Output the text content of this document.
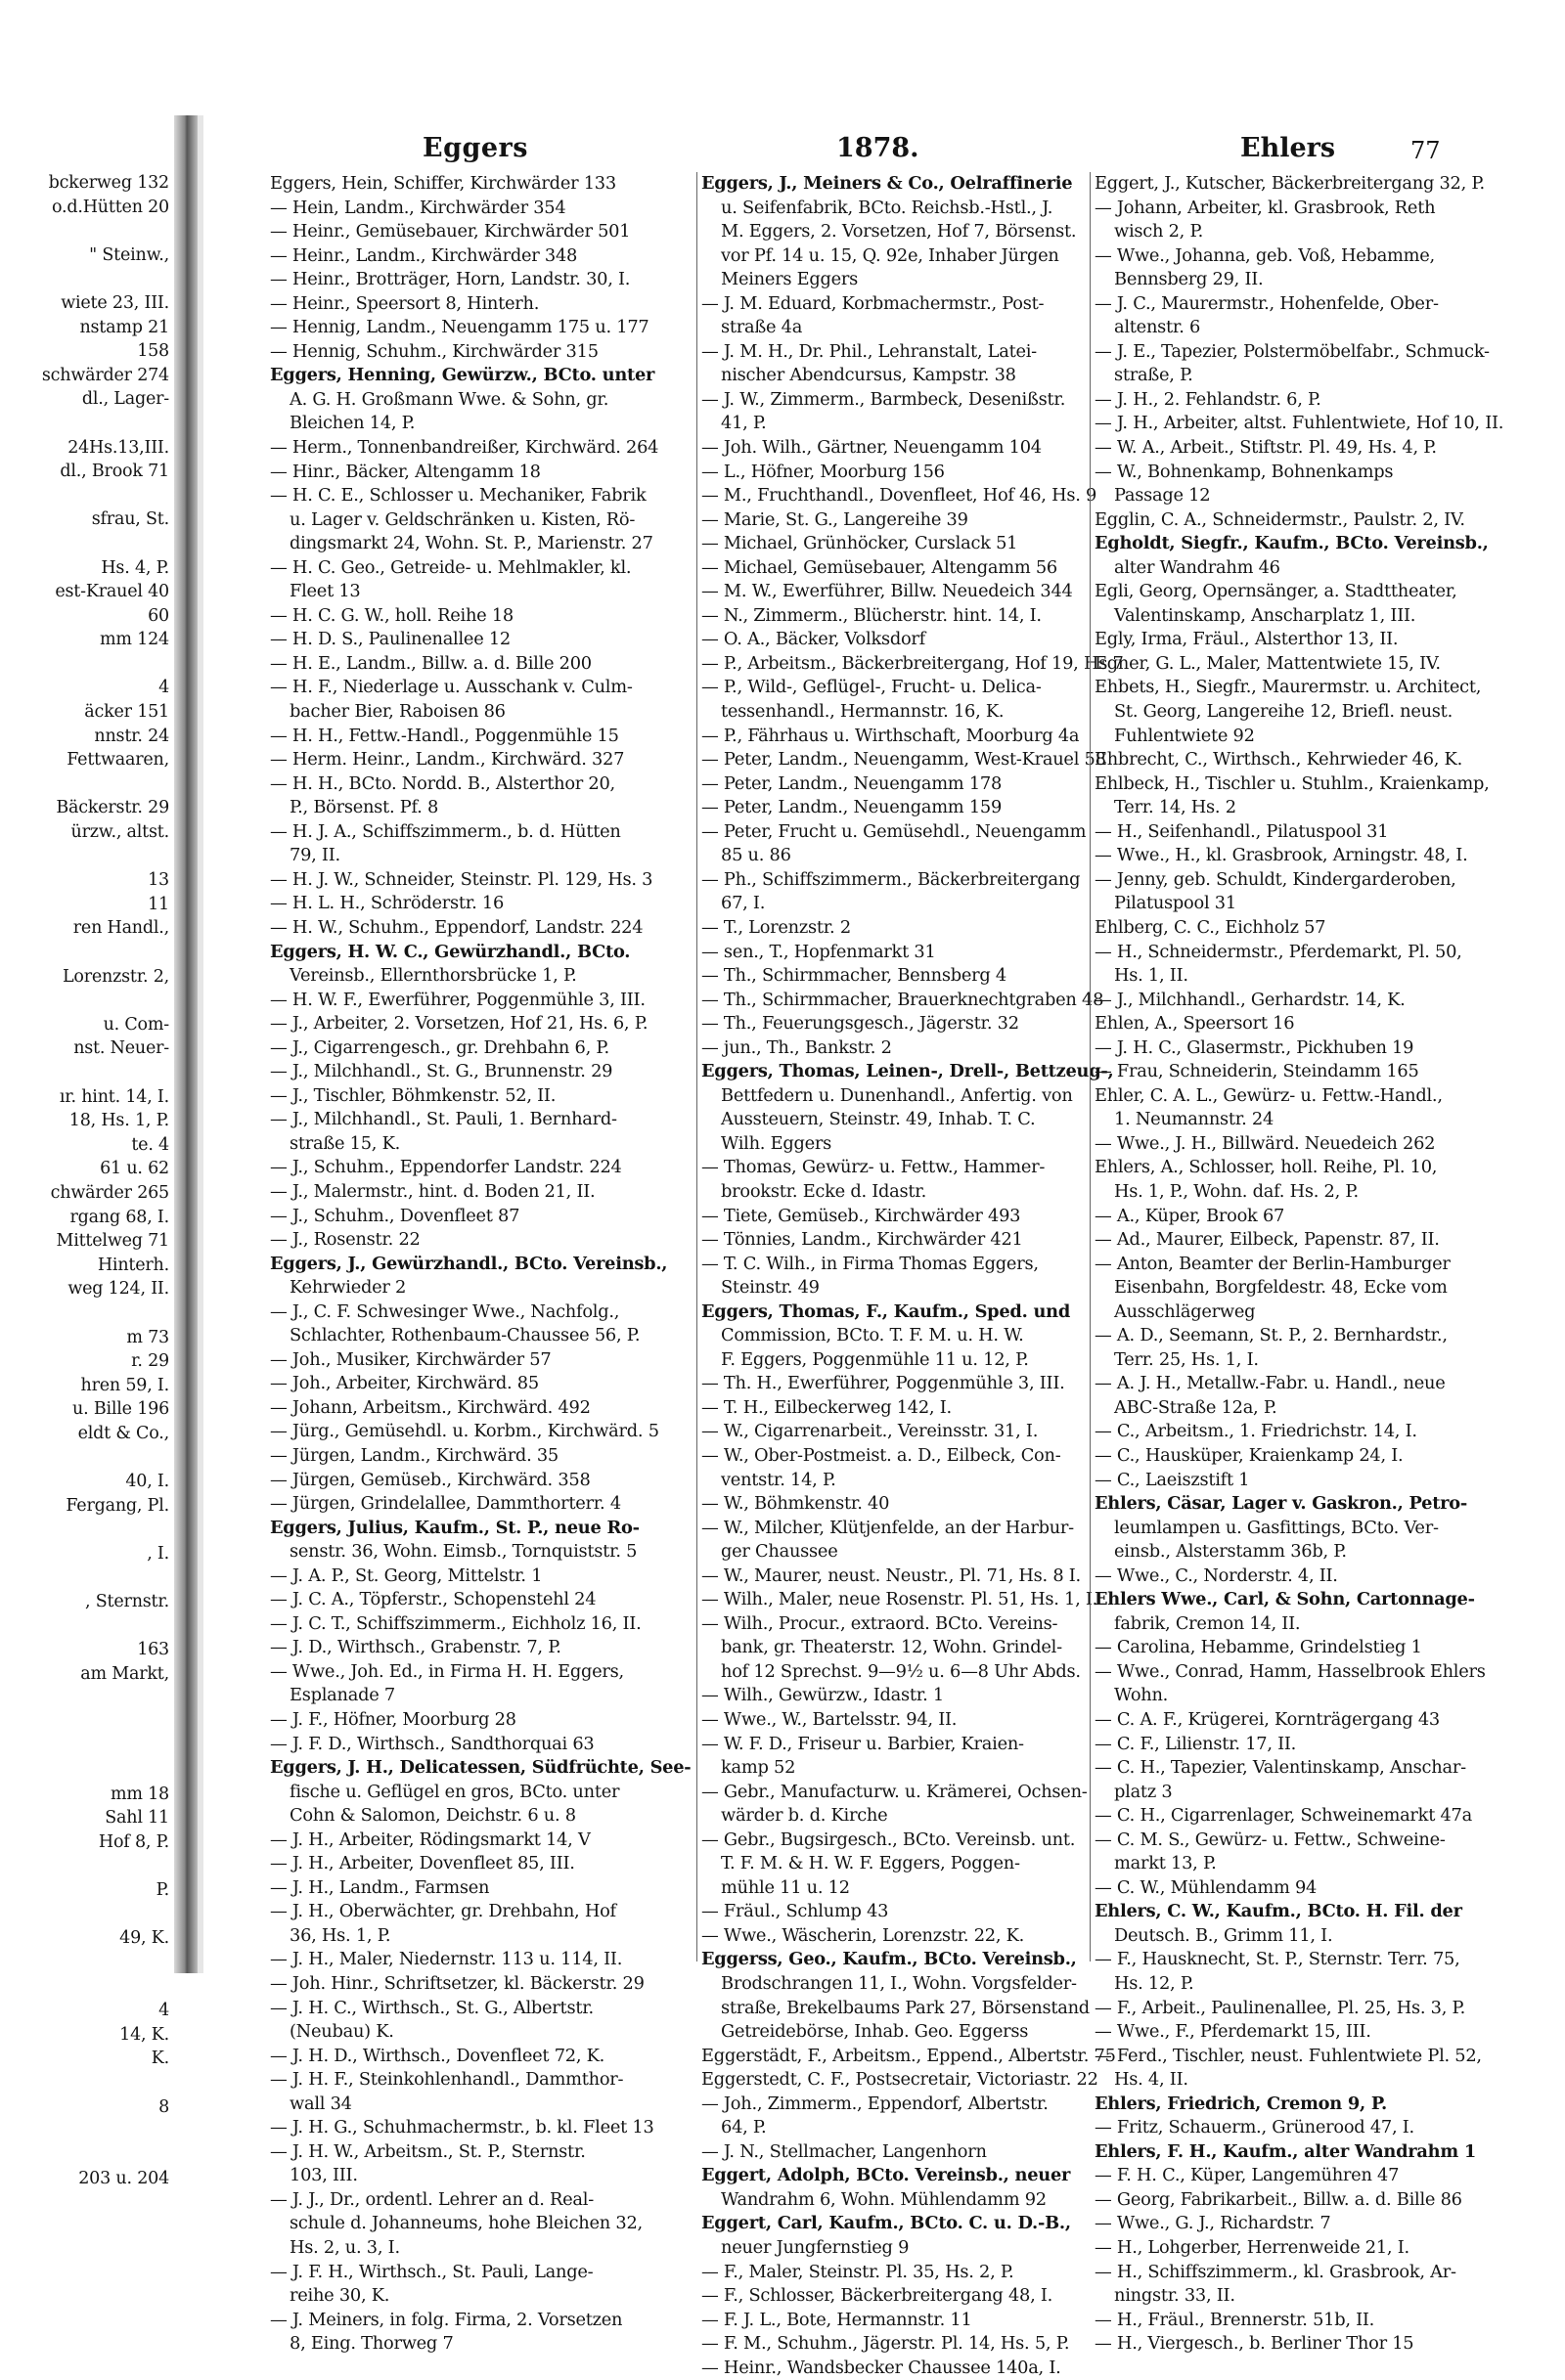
bckerweg 132
o.d.Hütten 20

" Steinw.,

wiete 23, III.
nstamp 21
158
schwärder 274
dl., Lager-

24Hs.13,III.
dl., Brook 71

sfrau, St.

Hs. 4, P.
est-Krauel 40
60
mm 124

4
äcker 151
nnstr. 24
Fettwaaren,

Bäckerstr. 29
ürzw., altst.

13
11
ren Handl.,

Lorenzstr. 2,

u. Com-
nst. Neuer-

ır. hint. 14, I.
18, Hs. 1, P.
te. 4
61 u. 62
chwärder 265
rgang 68, I.
Mittelweg 71
Hinterh.
weg 124, II.

m 73
r. 29
hren 59, I.
u. Bille 196
eldt & Co.,

40, I.
Fergang, Pl.

, I.

, Sternstr.

163
am Markt,

mm 18
Sahl 11
Hof 8, P.

P.

49, K.

4
14, K.
K.

8

203 u. 204
Eggers	1878.	Ehlers	77
Eggers, Hein, Schiffer, Kirchwärder 133
— Hein, Landm., Kirchwärder 354
— Heinr., Gemüsebauer, Kirchwärder 501
— Heinr., Landm., Kirchwärder 348
— Heinr., Brotträger, Horn, Landstr. 30, I.
— Heinr., Speersort 8, Hinterh.
— Hennig, Landm., Neuengamm 175 u. 177
— Hennig, Schuhm., Kirchwärder 315
Eggers, Henning, Gewürzw., BCto. unter
A. G. H. Großmann Wwe. & Sohn, gr.
Bleichen 14, P.
— Herm., Tonnenbandreißer, Kirchwärd. 264
— Hinr., Bäcker, Altengamm 18
— H. C. E., Schlosser u. Mechaniker, Fabrik
u. Lager v. Geldschränken u. Kisten, Rö-
dingsmarkt 24, Wohn. St. P., Marienstr. 27
— H. C. Geo., Getreide- u. Mehlmakler, kl.
Fleet 13
— H. C. G. W., holl. Reihe 18
— H. D. S., Paulinenallee 12
— H. E., Landm., Billw. a. d. Bille 200
— H. F., Niederlage u. Ausschank v. Culm-
bacher Bier, Raboisen 86
— H. H., Fettw.-Handl., Poggenmühle 15
— Herm. Heinr., Landm., Kirchwärd. 327
— H. H., BCto. Nordd. B., Alsterthor 20,
P., Börsenst. Pf. 8
— H. J. A., Schiffszimmerm., b. d. Hütten
79, II.
— H. J. W., Schneider, Steinstr. Pl. 129, Hs. 3
— H. L. H., Schröderstr. 16
— H. W., Schuhm., Eppendorf, Landstr. 224
Eggers, H. W. C., Gewürzhandl., BCto.
Vereinsb., Ellernthorsbrücke 1, P.
— H. W. F., Ewerführer, Poggenmühle 3, III.
— J., Arbeiter, 2. Vorsetzen, Hof 21, Hs. 6, P.
— J., Cigarrengesch., gr. Drehbahn 6, P.
— J., Milchhandl., St. G., Brunnenstr. 29
— J., Tischler, Böhmkenstr. 52, II.
— J., Milchhandl., St. Pauli, 1. Bernhard-
straße 15, K.
— J., Schuhm., Eppendorfer Landstr. 224
— J., Malermstr., hint. d. Boden 21, II.
— J., Schuhm., Dovenfleet 87
— J., Rosenstr. 22
Eggers, J., Gewürzhandl., BCto. Vereinsb.,
Kehrwieder 2
— J., C. F. Schwesinger Wwe., Nachfolg.,
Schlachter, Rothenbaum-Chaussee 56, P.
— Joh., Musiker, Kirchwärder 57
— Joh., Arbeiter, Kirchwärd. 85
— Johann, Arbeitsm., Kirchwärd. 492
— Jürg., Gemüsehdl. u. Korbm., Kirchwärd. 5
— Jürgen, Landm., Kirchwärd. 35
— Jürgen, Gemüseb., Kirchwärd. 358
— Jürgen, Grindelallee, Dammthorterr. 4
Eggers, Julius, Kaufm., St. P., neue Ro-
senstr. 36, Wohn. Eimsb., Tornquiststr. 5
— J. A. P., St. Georg, Mittelstr. 1
— J. C. A., Töpferstr., Schopenstehl 24
— J. C. T., Schiffszimmerm., Eichholz 16, II.
— J. D., Wirthsch., Grabenstr. 7, P.
— Wwe., Joh. Ed., in Firma H. H. Eggers,
Esplanade 7
— J. F., Höfner, Moorburg 28
— J. F. D., Wirthsch., Sandthorquai 63
Eggers, J. H., Delicatessen, Südfrüchte, See-
fische u. Geflügel en gros, BCto. unter
Cohn & Salomon, Deichstr. 6 u. 8
— J. H., Arbeiter, Rödingsmarkt 14, V
— J. H., Arbeiter, Dovenfleet 85, III.
— J. H., Landm., Farmsen
— J. H., Oberwächter, gr. Drehbahn, Hof
36, Hs. 1, P.
— J. H., Maler, Niedernstr. 113 u. 114, II.
— Joh. Hinr., Schriftsetzer, kl. Bäckerstr. 29
— J. H. C., Wirthsch., St. G., Albertstr.
(Neubau) K.
— J. H. D., Wirthsch., Dovenfleet 72, K.
— J. H. F., Steinkohlenhandl., Dammthor-
wall 34
— J. H. G., Schuhmachermstr., b. kl. Fleet 13
— J. H. W., Arbeitsm., St. P., Sternstr.
103, III.
— J. J., Dr., ordentl. Lehrer an d. Real-
schule d. Johanneums, hohe Bleichen 32,
Hs. 2, u. 3, I.
— J. F. H., Wirthsch., St. Pauli, Lange-
reihe 30, K.
— J. Meiners, in folg. Firma, 2. Vorsetzen
8, Eing. Thorweg 7
Eggers, J., Meiners & Co., Oelraffinerie
u. Seifenfabrik, BCto. Reichsb.-Hstl., J.
M. Eggers, 2. Vorsetzen, Hof 7, Börsenst.
vor Pf. 14 u. 15, Q. 92e, Inhaber Jürgen
Meiners Eggers
— J. M. Eduard, Korbmachermstr., Post-
straße 4a
— J. M. H., Dr. Phil., Lehranstalt, Latei-
nischer Abendcursus, Kampstr. 38
— J. W., Zimmerm., Barmbeck, Desenißstr.
41, P.
— Joh. Wilh., Gärtner, Neuengamm 104
— L., Höfner, Moorburg 156
— M., Fruchthandl., Dovenfleet, Hof 46, Hs. 9
— Marie, St. G., Langereihe 39
— Michael, Grünhöcker, Curslack 51
— Michael, Gemüsebauer, Altengamm 56
— M. W., Ewerführer, Billw. Neuedeich 344
— N., Zimmerm., Blücherstr. hint. 14, I.
— O. A., Bäcker, Volksdorf
— P., Arbeitsm., Bäckerbreitergang, Hof 19, Hs 7
— P., Wild-, Geflügel-, Frucht- u. Delica-
tessenhandl., Hermannstr. 16, K.
— P., Fährhaus u. Wirthschaft, Moorburg 4a
— Peter, Landm., Neuengamm, West-Krauel 58
— Peter, Landm., Neuengamm 178
— Peter, Landm., Neuengamm 159
— Peter, Frucht u. Gemüsehdl., Neuengamm
85 u. 86
— Ph., Schiffszimmerm., Bäckerbreitergang
67, I.
— T., Lorenzstr. 2
— sen., T., Hopfenmarkt 31
— Th., Schirmmacher, Bennsberg 4
— Th., Schirmmacher, Brauerknechtgraben 48
— Th., Feuerungsgesch., Jägerstr. 32
— jun., Th., Bankstr. 2
Eggers, Thomas, Leinen-, Drell-, Bettzeug-,
Bettfedern u. Dunenhandl., Anfertig. von
Aussteuern, Steinstr. 49, Inhab. T. C.
Wilh. Eggers
— Thomas, Gewürz- u. Fettw., Hammer-
brookstr. Ecke d. Idastr.
— Tiete, Gemüseb., Kirchwärder 493
— Tönnies, Landm., Kirchwärder 421
— T. C. Wilh., in Firma Thomas Eggers,
Steinstr. 49
Eggers, Thomas, F., Kaufm., Sped. und
Commission, BCto. T. F. M. u. H. W.
F. Eggers, Poggenmühle 11 u. 12, P.
— Th. H., Ewerführer, Poggenmühle 3, III.
— T. H., Eilbeckerweg 142, I.
— W., Cigarrenarbeit., Vereinsstr. 31, I.
— W., Ober-Postmeist. a. D., Eilbeck, Con-
ventstr. 14, P.
— W., Böhmkenstr. 40
— W., Milcher, Klütjenfelde, an der Harbur-
ger Chaussee
— W., Maurer, neust. Neustr., Pl. 71, Hs. 8 I.
— Wilh., Maler, neue Rosenstr. Pl. 51, Hs. 1, I.
— Wilh., Procur., extraord. BCto. Vereins-
bank, gr. Theaterstr. 12, Wohn. Grindel-
hof 12 Sprechst. 9—9½ u. 6—8 Uhr Abds.
— Wilh., Gewürzw., Idastr. 1
— Wwe., W., Bartelsstr. 94, II.
— W. F. D., Friseur u. Barbier, Kraien-
kamp 52
— Gebr., Manufacturw. u. Krämerei, Ochsen-
wärder b. d. Kirche
— Gebr., Bugsirgesch., BCto. Vereinsb. unt.
T. F. M. & H. W. F. Eggers, Poggen-
mühle 11 u. 12
— Fräul., Schlump 43
— Wwe., Wäscherin, Lorenzstr. 22, K.
Eggerss, Geo., Kaufm., BCto. Vereinsb.,
Brodschrangen 11, I., Wohn. Vorgsfelder-
straße, Brekelbaums Park 27, Börsenstand
Getreidebörse, Inhab. Geo. Eggerss
Eggerstädt, F., Arbeitsm., Eppend., Albertstr. 75
Eggerstedt, C. F., Postsecretair, Victoriastr. 22
— Joh., Zimmerm., Eppendorf, Albertstr.
64, P.
— J. N., Stellmacher, Langenhorn
Eggert, Adolph, BCto. Vereinsb., neuer
Wandrahm 6, Wohn. Mühlendamm 92
Eggert, Carl, Kaufm., BCto. C. u. D.-B.,
neuer Jungfernstieg 9
— F., Maler, Steinstr. Pl. 35, Hs. 2, P.
— F., Schlosser, Bäckerbreitergang 48, I.
— F. J. L., Bote, Hermannstr. 11
— F. M., Schuhm., Jägerstr. Pl. 14, Hs. 5, P.
— Heinr., Wandsbecker Chaussee 140a, I.
Eggert, J., Kutscher, Bäckerbreitergang 32, P.
— Johann, Arbeiter, kl. Grasbrook, Reth
wisch 2, P.
— Wwe., Johanna, geb. Voß, Hebamme,
Bennsberg 29, II.
— J. C., Maurermstr., Hohenfelde, Ober-
altenstr. 6
— J. E., Tapezier, Polstermöbelfabr., Schmuck-
straße, P.
— J. H., 2. Fehlandstr. 6, P.
— J. H., Arbeiter, altst. Fuhlentwiete, Hof 10, II.
— W. A., Arbeit., Stiftstr. Pl. 49, Hs. 4, P.
— W., Bohnenkamp, Bohnenkamps
Passage 12
Egglin, C. A., Schneidermstr., Paulstr. 2, IV.
Egholdt, Siegfr., Kaufm., BCto. Vereinsb.,
alter Wandrahm 46
Egli, Georg, Opernsänger, a. Stadttheater,
Valentinskamp, Anscharplatz 1, III.
Egly, Irma, Fräul., Alsterthor 13, II.
Egner, G. L., Maler, Mattentwiete 15, IV.
Ehbets, H., Siegfr., Maurermstr. u. Architect,
St. Georg, Langereihe 12, Briefl. neust.
Fuhlentwiete 92
Ehbrecht, C., Wirthsch., Kehrwieder 46, K.
Ehlbeck, H., Tischler u. Stuhlm., Kraienkamp,
Terr. 14, Hs. 2
— H., Seifenhandl., Pilatuspool 31
— Wwe., H., kl. Grasbrook, Arningstr. 48, I.
— Jenny, geb. Schuldt, Kindergarderoben,
Pilatuspool 31
Ehlberg, C. C., Eichholz 57
— H., Schneidermstr., Pferdemarkt, Pl. 50,
Hs. 1, II.
— J., Milchhandl., Gerhardstr. 14, K.
Ehlen, A., Speersort 16
— J. H. C., Glasermstr., Pickhuben 19
— Frau, Schneiderin, Steindamm 165
Ehler, C. A. L., Gewürz- u. Fettw.-Handl.,
1. Neumannstr. 24
— Wwe., J. H., Billwärd. Neuedeich 262
Ehlers, A., Schlosser, holl. Reihe, Pl. 10,
Hs. 1, P., Wohn. daf. Hs. 2, P.
— A., Küper, Brook 67
— Ad., Maurer, Eilbeck, Papenstr. 87, II.
— Anton, Beamter der Berlin-Hamburger
Eisenbahn, Borgfeldestr. 48, Ecke vom
Ausschlägerweg
— A. D., Seemann, St. P., 2. Bernhardstr.,
Terr. 25, Hs. 1, I.
— A. J. H., Metallw.-Fabr. u. Handl., neue
ABC-Straße 12a, P.
— C., Arbeitsm., 1. Friedrichstr. 14, I.
— C., Hausküper, Kraienkamp 24, I.
— C., Laeiszstift 1
Ehlers, Cäsar, Lager v. Gaskron., Petro-
leumlampen u. Gasfittings, BCto. Ver-
einsb., Alsterstamm 36b, P.
— Wwe., C., Norderstr. 4, II.
Ehlers Wwe., Carl, & Sohn, Cartonnage-
fabrik, Cremon 14, II.
— Carolina, Hebamme, Grindelstieg 1
— Wwe., Conrad, Hamm, Hasselbrook Ehlers
Wohn.
— C. A. F., Krügerei, Kornträgergang 43
— C. F., Lilienstr. 17, II.
— C. H., Tapezier, Valentinskamp, Anschar-
platz 3
— C. H., Cigarrenlager, Schweinemarkt 47a
— C. M. S., Gewürz- u. Fettw., Schweine-
markt 13, P.
— C. W., Mühlendamm 94
Ehlers, C. W., Kaufm., BCto. H. Fil. der
Deutsch. B., Grimm 11, I.
— F., Hausknecht, St. P., Sternstr. Terr. 75,
Hs. 12, P.
— F., Arbeit., Paulinenallee, Pl. 25, Hs. 3, P.
— Wwe., F., Pferdemarkt 15, III.
— Ferd., Tischler, neust. Fuhlentwiete Pl. 52,
Hs. 4, II.
Ehlers, Friedrich, Cremon 9, P.
— Fritz, Schauerm., Grünerood 47, I.
Ehlers, F. H., Kaufm., alter Wandrahm 1
— F. H. C., Küper, Langemühren 47
— Georg, Fabrikarbeit., Billw. a. d. Bille 86
— Wwe., G. J., Richardstr. 7
— H., Lohgerber, Herrenweide 21, I.
— H., Schiffszimmerm., kl. Grasbrook, Ar-
ningstr. 33, II.
— H., Fräul., Brennerstr. 51b, II.
— H., Viergesch., b. Berliner Thor 15
